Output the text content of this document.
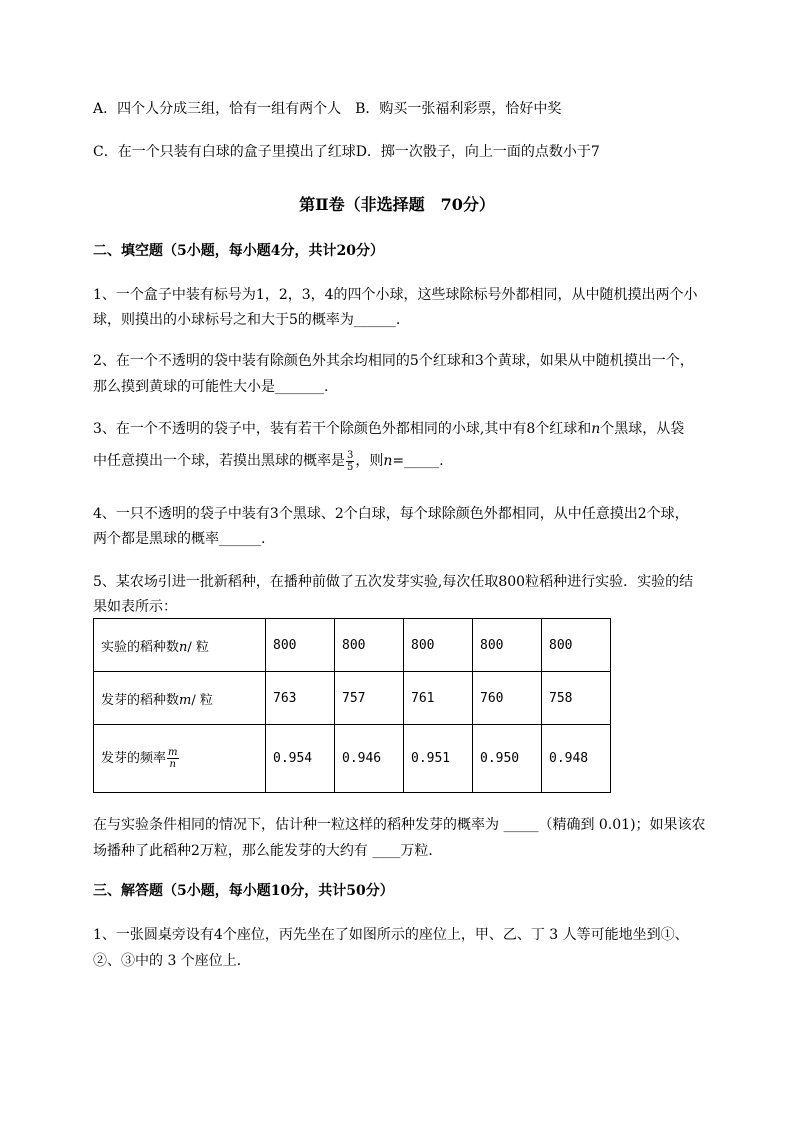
A．四个人分成三组，恰有一组有两个人　B．购买一张福利彩票，恰好中奖
C．在一个只装有白球的盒子里摸出了红球D．掷一次骰子，向上一面的点数小于7
第Ⅱ卷（非选择题　70分）
二、填空题（5小题，每小题4分，共计20分）
1、一个盒子中装有标号为1，2，3，4的四个小球，这些球除标号外都相同，从中随机摸出两个小
球，则摸出的小球标号之和大于5的概率为______.
2、在一个不透明的袋中装有除颜色外其余均相同的5个红球和3个黄球，如果从中随机摸出一个，
那么摸到黄球的可能性大小是_______.
3、在一个不透明的袋子中，装有若干个除颜色外都相同的小球,其中有8个红球和n个黑球，从袋
中任意摸出一个球，若摸出黑球的概率是 $\frac{3}{5}$ ，则n=_____.
4、一只不透明的袋子中装有3个黑球、2个白球，每个球除颜色外都相同，从中任意摸出2个球，
两个都是黑球的概率______.
5、某农场引进一批新稻种，在播种前做了五次发芽实验,每次任取800粒稻种进行实验．实验的结
果如表所示：
实验的稻种数n/ 粒	800	800	800	800	800
发芽的稻种数m/ 粒	763	757	761	760	758
发芽的频率 $\frac{m}{n}$	0.954	0.946	0.951	0.950	0.948
在与实验条件相同的情况下，估计种一粒这样的稻种发芽的概率为 _____（精确到 0.01)；如果该农
场播种了此稻种2万粒，那么能发芽的大约有 ____万粒．
三、解答题（5小题，每小题10分，共计50分）
1、一张圆桌旁设有4个座位，丙先坐在了如图所示的座位上，甲、乙、丁 3 人等可能地坐到①、
②、③中的 3 个座位上．
